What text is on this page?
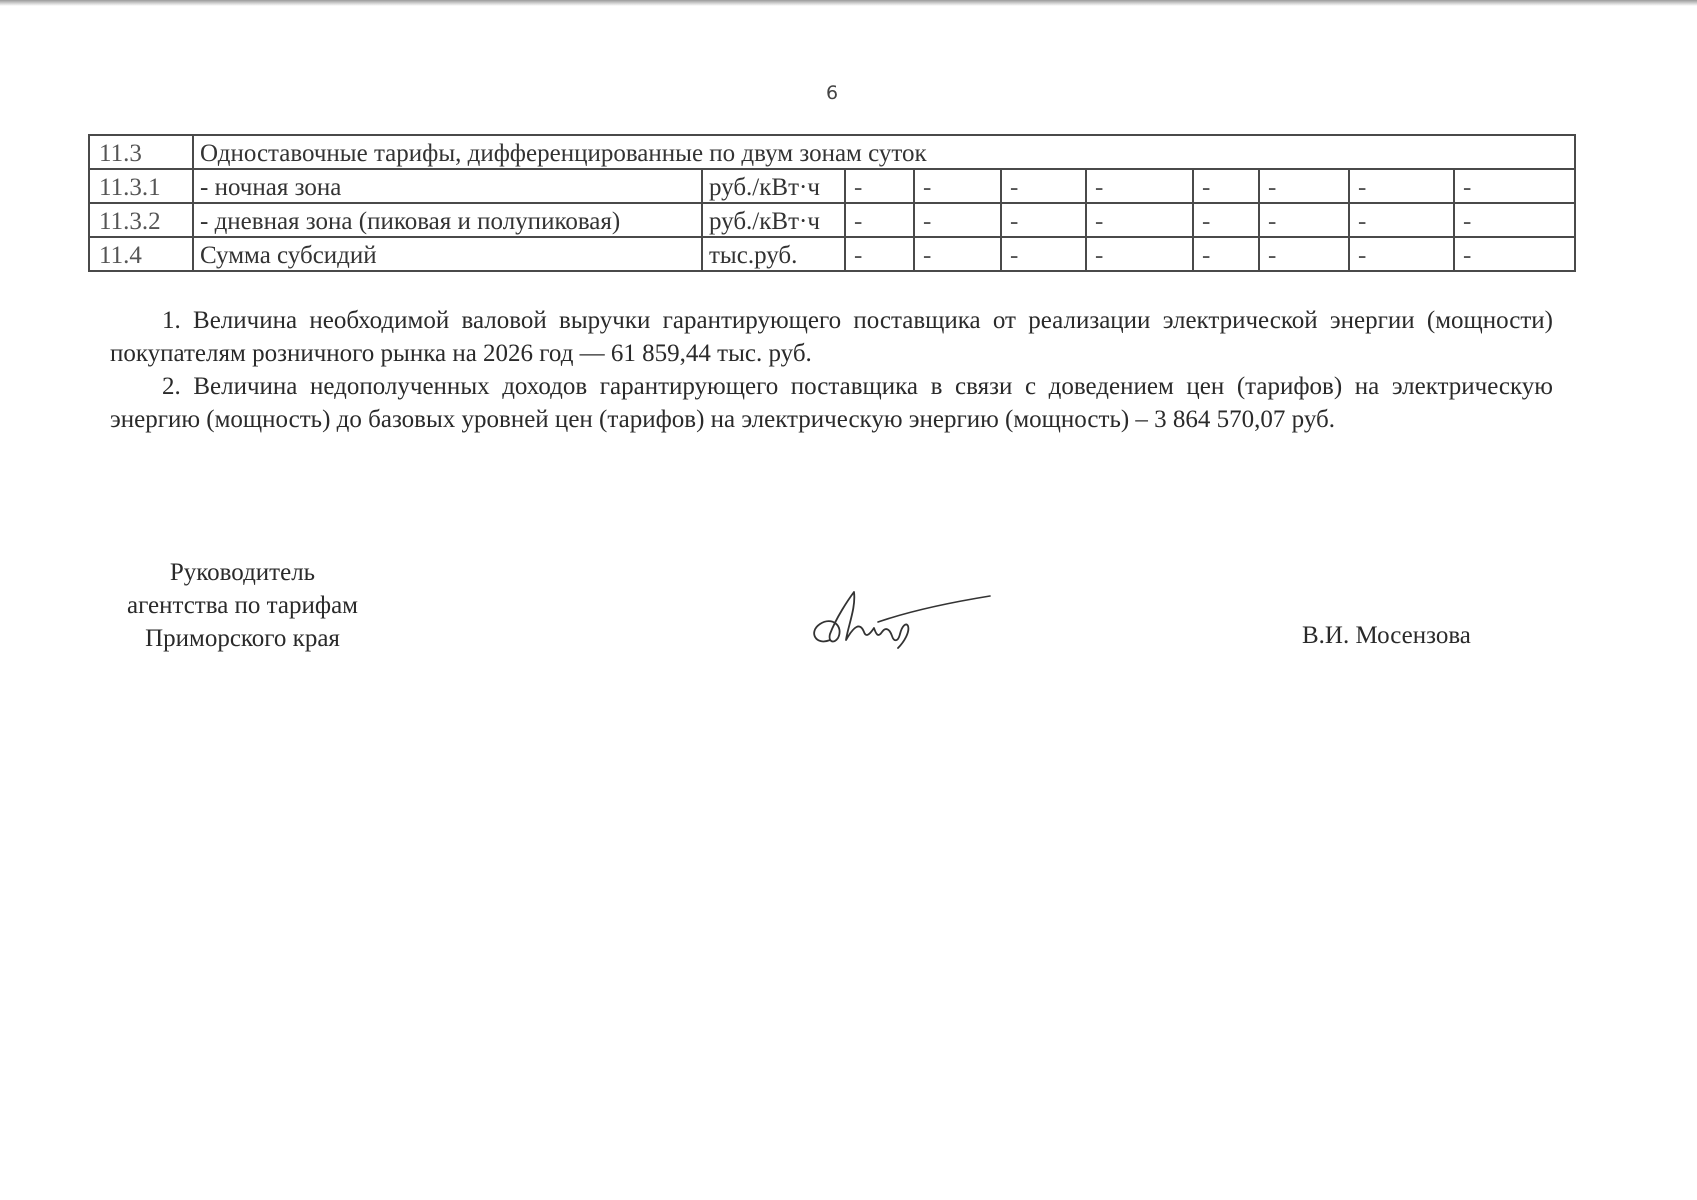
6
11.3	Одноставочные тарифы, дифференцированные по двум зонам суток									
11.3.1	- ночная зона	руб./кВт·ч	-	-	-	-	-	-	-	-
11.3.2	- дневная зона (пиковая и полупиковая)	руб./кВт·ч	-	-	-	-	-	-	-	-
11.4	Сумма субсидий	тыс.руб.	-	-	-	-	-	-	-	-
1. Величина необходимой валовой выручки гарантирующего поставщика от реализации электрической энергии (мощности) покупателям розничного рынка на 2026 год — 61 859,44 тыс. руб.
2. Величина недополученных доходов гарантирующего поставщика в связи с доведением цен (тарифов) на электрическую энергию (мощность) до базовых уровней цен (тарифов) на электрическую энергию (мощность) – 3 864 570,07 руб.
Руководитель
агентства по тарифам
Приморского края	В.И. Мосензова
